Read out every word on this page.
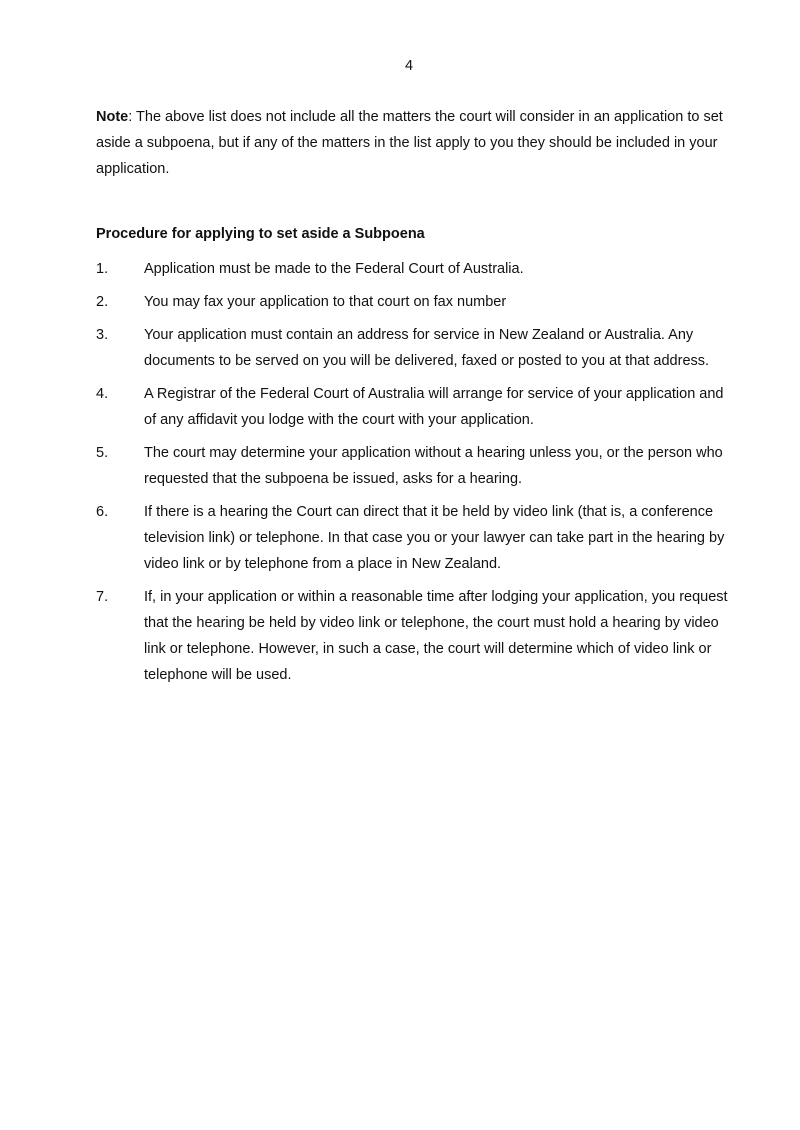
4

Note: The above list does not include all the matters the court will consider in an application to set aside a subpoena, but if any of the matters in the list apply to you they should be included in your application.

Procedure for applying to set aside a Subpoena
1.	Application must be made to the Federal Court of Australia.
2.	You may fax your application to that court on fax number
3.	Your application must contain an address for service in New Zealand or Australia. Any documents to be served on you will be delivered, faxed or posted to you at that address.
4.	A Registrar of the Federal Court of Australia will arrange for service of your application and of any affidavit you lodge with the court with your application.
5.	The court may determine your application without a hearing unless you, or the person who requested that the subpoena be issued, asks for a hearing.
6.	If there is a hearing the Court can direct that it be held by video link (that is, a conference television link) or telephone. In that case you or your lawyer can take part in the hearing by video link or by telephone from a place in New Zealand.
7.	If, in your application or within a reasonable time after lodging your application, you request that the hearing be held by video link or telephone, the court must hold a hearing by video link or telephone. However, in such a case, the court will determine which of video link or telephone will be used.
